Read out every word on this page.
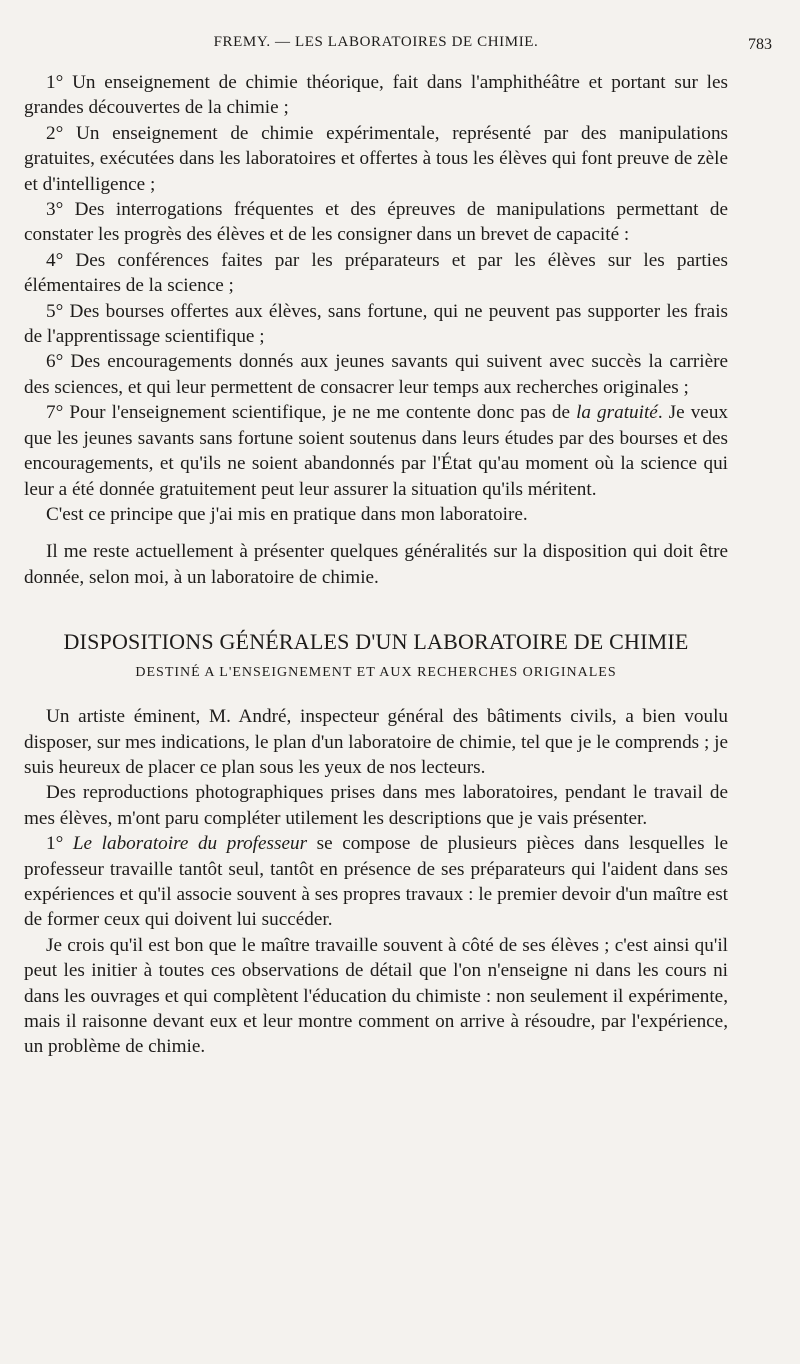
FREMY. — LES LABORATOIRES DE CHIMIE.	783

1° Un enseignement de chimie théorique, fait dans l'amphithéâtre et portant sur les grandes découvertes de la chimie ;

2° Un enseignement de chimie expérimentale, représenté par des manipulations gratuites, exécutées dans les laboratoires et offertes à tous les élèves qui font preuve de zèle et d'intelligence ;

3° Des interrogations fréquentes et des épreuves de manipulations permettant de constater les progrès des élèves et de les consigner dans un brevet de capacité :

4° Des conférences faites par les préparateurs et par les élèves sur les parties élémentaires de la science ;

5° Des bourses offertes aux élèves, sans fortune, qui ne peuvent pas supporter les frais de l'apprentissage scientifique ;

6° Des encouragements donnés aux jeunes savants qui suivent avec succès la carrière des sciences, et qui leur permettent de consacrer leur temps aux recherches originales ;

7° Pour l'enseignement scientifique, je ne me contente donc pas de la gratuité. Je veux que les jeunes savants sans fortune soient soutenus dans leurs études par des bourses et des encouragements, et qu'ils ne soient abandonnés par l'État qu'au moment où la science qui leur a été donnée gratuitement peut leur assurer la situation qu'ils méritent.

C'est ce principe que j'ai mis en pratique dans mon laboratoire.

Il me reste actuellement à présenter quelques généralités sur la disposition qui doit être donnée, selon moi, à un laboratoire de chimie.

DISPOSITIONS GÉNÉRALES D'UN LABORATOIRE DE CHIMIE
DESTINÉ A L'ENSEIGNEMENT ET AUX RECHERCHES ORIGINALES

Un artiste éminent, M. André, inspecteur général des bâtiments civils, a bien voulu disposer, sur mes indications, le plan d'un laboratoire de chimie, tel que je le comprends ; je suis heureux de placer ce plan sous les yeux de nos lecteurs.

Des reproductions photographiques prises dans mes laboratoires, pendant le travail de mes élèves, m'ont paru compléter utilement les descriptions que je vais présenter.

1° Le laboratoire du professeur se compose de plusieurs pièces dans lesquelles le professeur travaille tantôt seul, tantôt en présence de ses préparateurs qui l'aident dans ses expériences et qu'il associe souvent à ses propres travaux : le premier devoir d'un maître est de former ceux qui doivent lui succéder.

Je crois qu'il est bon que le maître travaille souvent à côté de ses élèves ; c'est ainsi qu'il peut les initier à toutes ces observations de détail que l'on n'enseigne ni dans les cours ni dans les ouvrages et qui complètent l'éducation du chimiste : non seulement il expérimente, mais il raisonne devant eux et leur montre comment on arrive à résoudre, par l'expérience, un problème de chimie.
